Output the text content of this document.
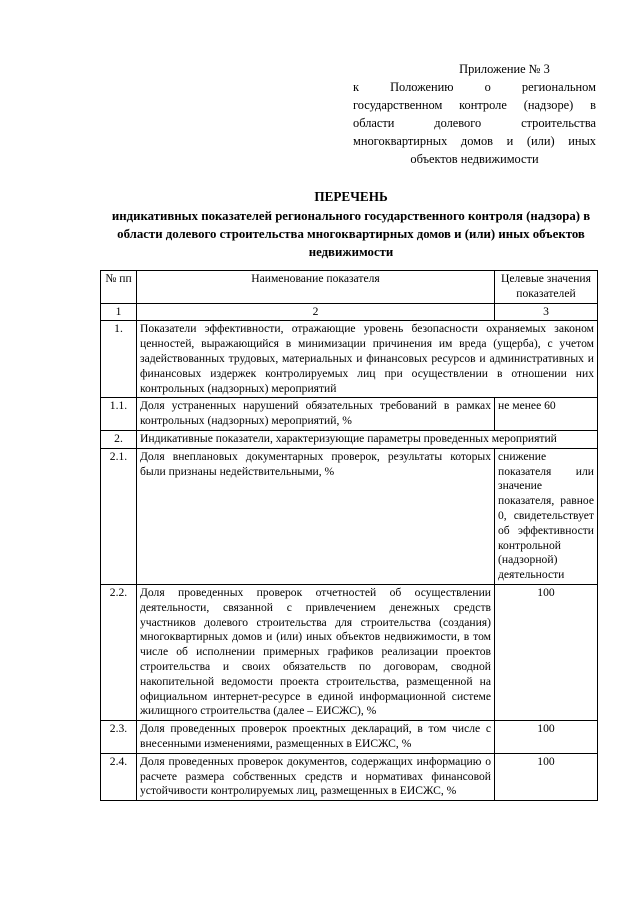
Приложение № 3
к Положению о региональном государственном контроле (надзоре) в области долевого строительства многоквартирных домов и (или) иных объектов недвижимости
ПЕРЕЧЕНЬ
индикативных показателей регионального государственного контроля (надзора) в области долевого строительства многоквартирных домов и (или) иных объектов недвижимости
№ пп	Наименование показателя	Целевые значения показателей
1	2	3
1.	Показатели эффективности, отражающие уровень безопасности охраняемых законом ценностей, выражающийся в минимизации причинения им вреда (ущерба), с учетом задействованных трудовых, материальных и финансовых ресурсов и административных и финансовых издержек контролируемых лиц при осуществлении в отношении них контрольных (надзорных) мероприятий	
1.1.	Доля устраненных нарушений обязательных требований в рамках контрольных (надзорных) мероприятий, %	не менее 60
2.	Индикативные показатели, характеризующие параметры проведенных мероприятий	
2.1.	Доля внеплановых документарных проверок, результаты которых были признаны недействительными, %	снижение показателя или значение показателя, равное 0, свидетельствует об эффективности контрольной (надзорной) деятельности
2.2.	Доля проведенных проверок отчетностей об осуществлении деятельности, связанной с привлечением денежных средств участников долевого строительства для строительства (создания) многоквартирных домов и (или) иных объектов недвижимости, в том числе об исполнении примерных графиков реализации проектов строительства и своих обязательств по договорам, сводной накопительной ведомости проекта строительства, размещенной на официальном интернет-ресурсе в единой информационной системе жилищного строительства (далее – ЕИСЖС), %	100
2.3.	Доля проведенных проверок проектных деклараций, в том числе с внесенными изменениями, размещенных в ЕИСЖС, %	100
2.4.	Доля проведенных проверок документов, содержащих информацию о расчете размера собственных средств и нормативах финансовой устойчивости контролируемых лиц, размещенных в ЕИСЖС, %	100
